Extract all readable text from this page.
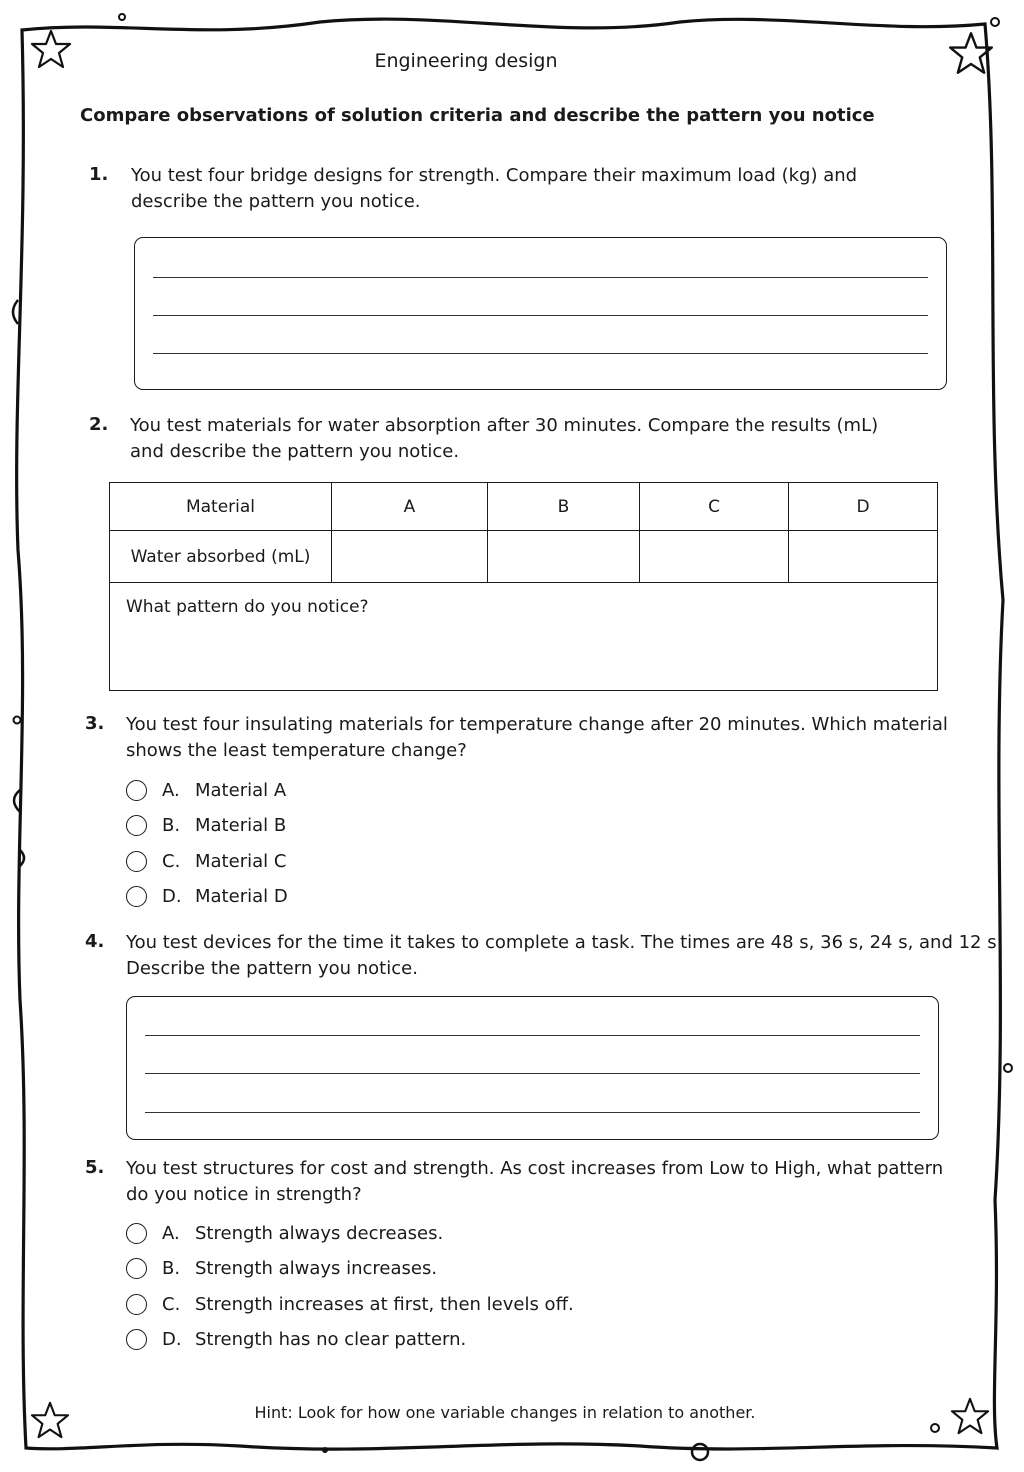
Engineering design
Compare observations of solution criteria and describe the pattern you notice
1. You test four bridge designs for strength. Compare their maximum load (kg) and
describe the pattern you notice.
2. You test materials for water absorption after 30 minutes. Compare the results (mL)
and describe the pattern you notice.
Material	A	B	C	D
Water absorbed (mL)				
What pattern do you notice?				
3. You test four insulating materials for temperature change after 20 minutes. Which material
shows the least temperature change?
A. Material A
B. Material B
C. Material C
D. Material D
4. You test devices for the time it takes to complete a task. The times are 48 s, 36 s, 24 s, and 12 s.
Describe the pattern you notice.
5. You test structures for cost and strength. As cost increases from Low to High, what pattern
do you notice in strength?
A. Strength always decreases.
B. Strength always increases.
C. Strength increases at first, then levels off.
D. Strength has no clear pattern.
Hint: Look for how one variable changes in relation to another.
